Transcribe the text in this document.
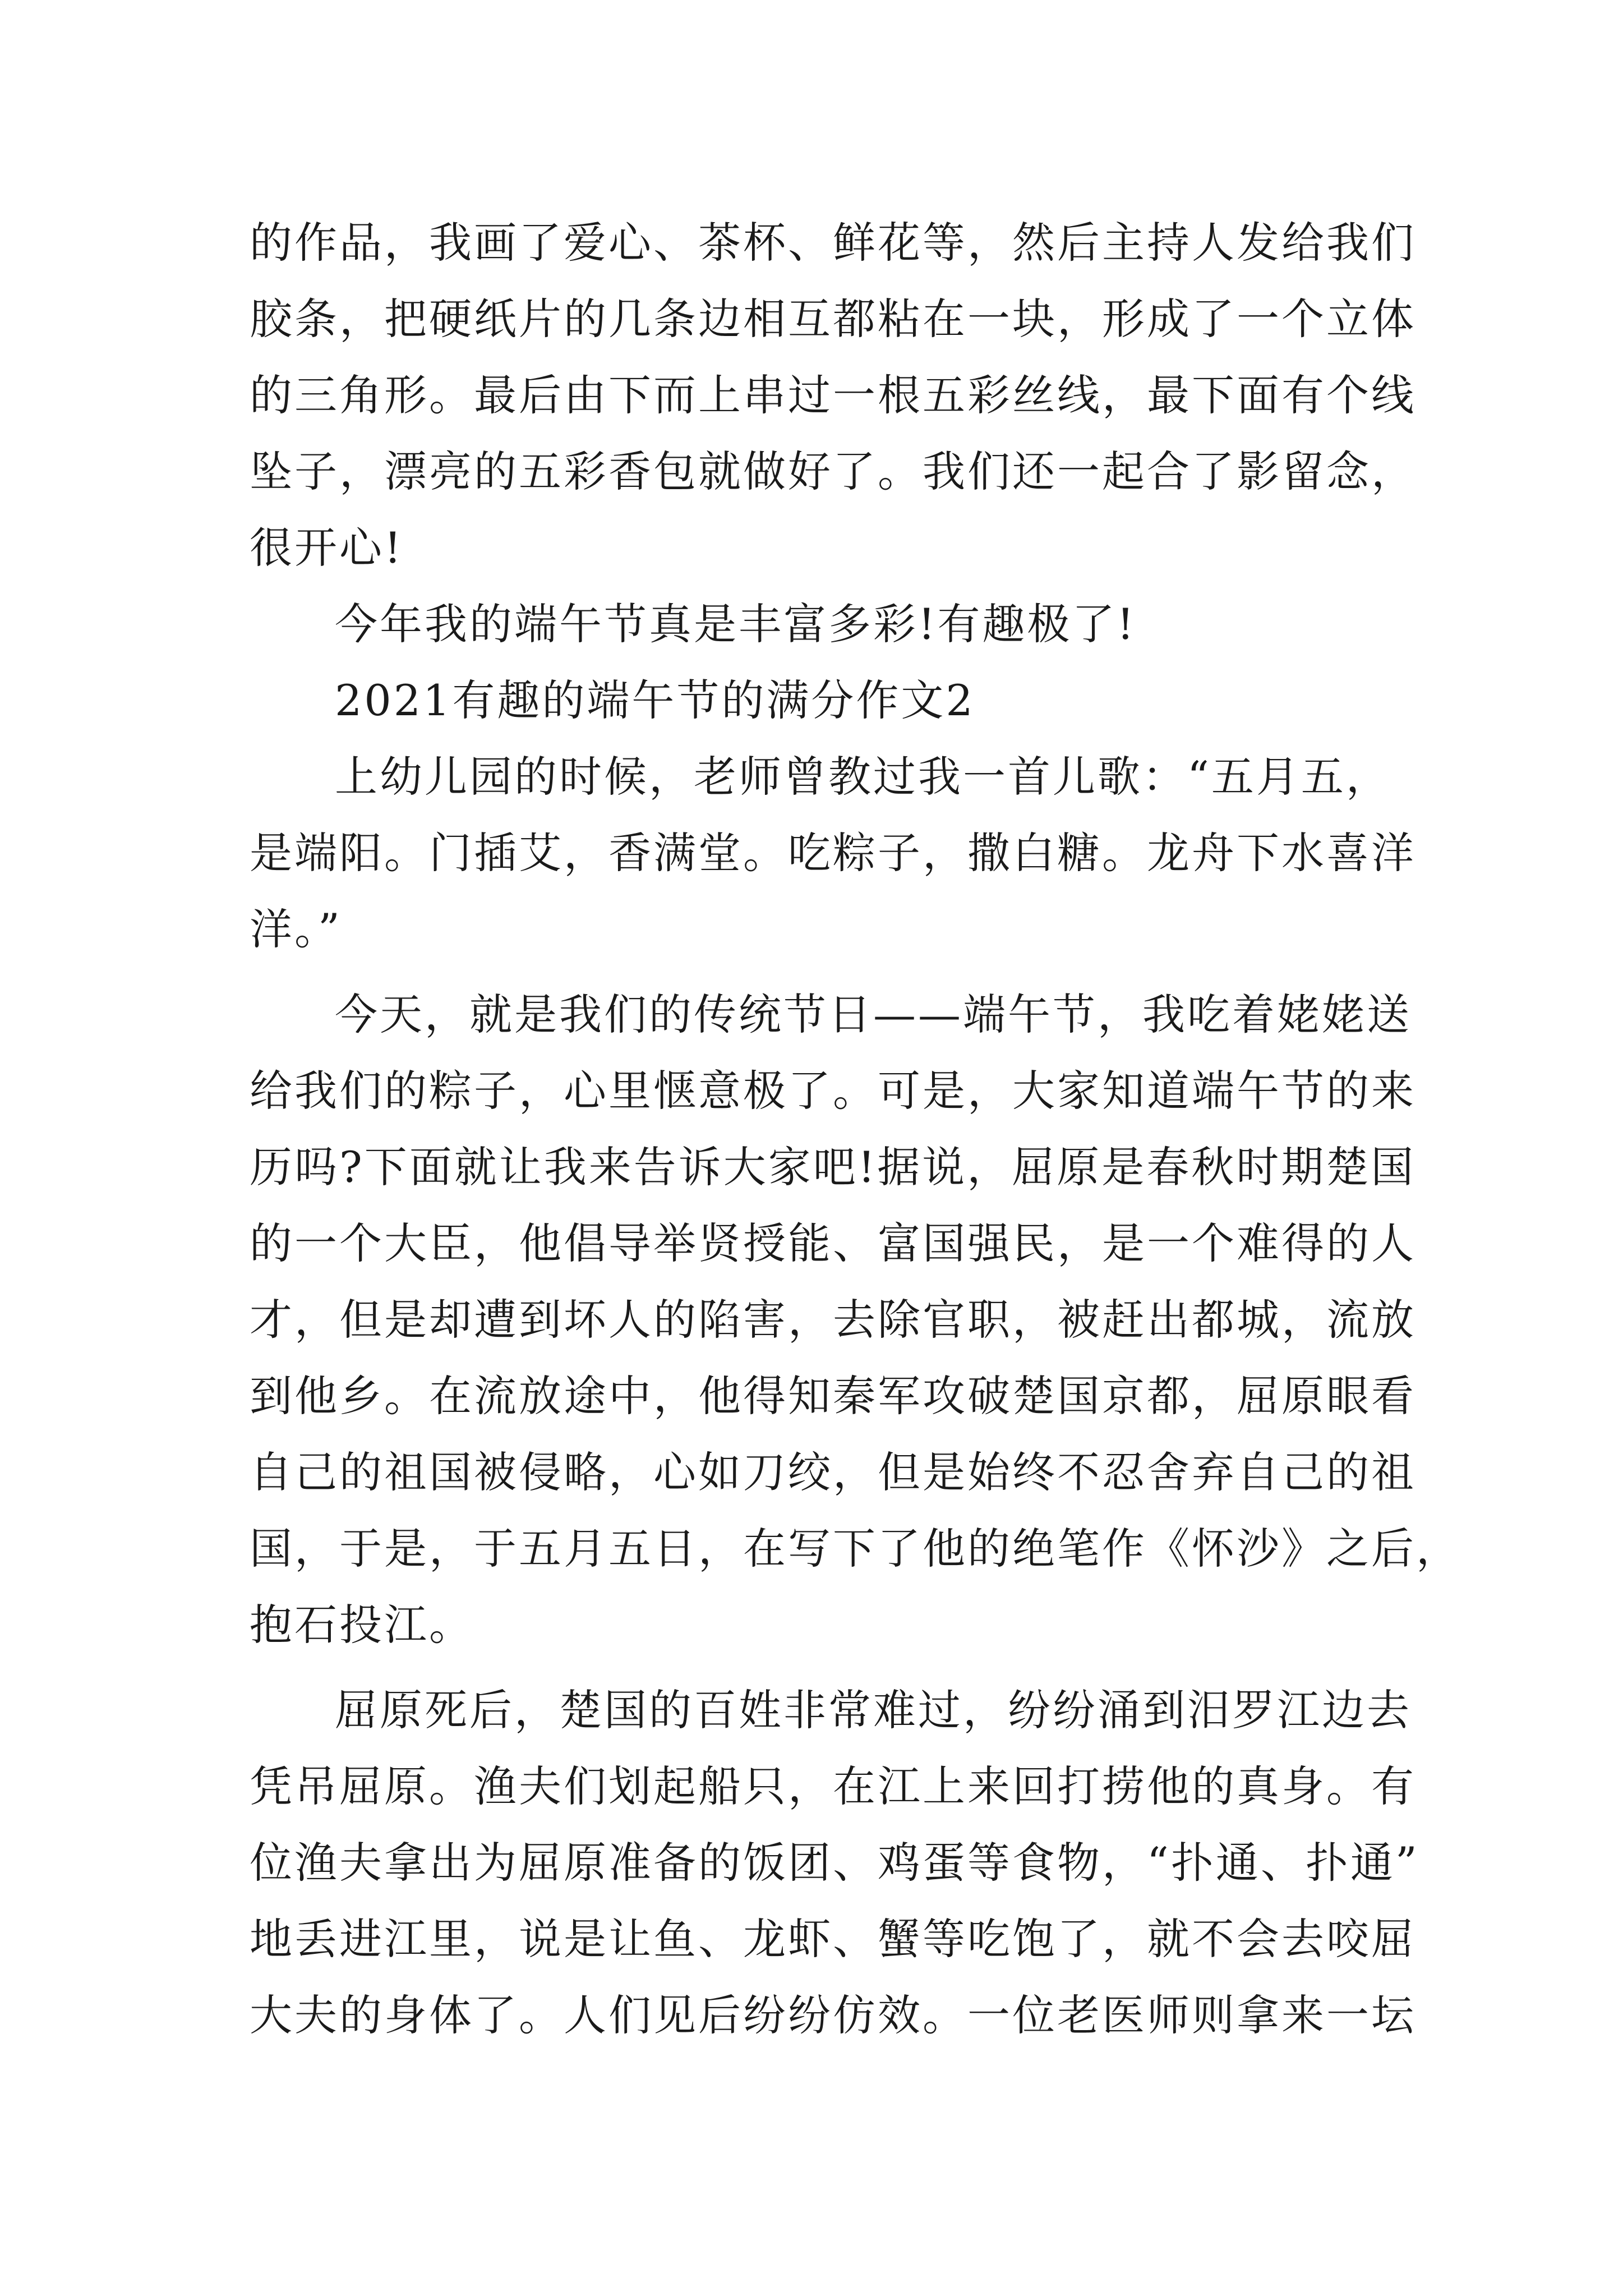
的作品，我画了爱心、茶杯、鲜花等，然后主持人发给我们
胶条，把硬纸片的几条边相互都粘在一块，形成了一个立体
的三角形。最后由下而上串过一根五彩丝线，最下面有个线
坠子，漂亮的五彩香包就做好了。我们还一起合了影留念，
很开心!
今年我的端午节真是丰富多彩!有趣极了!
2021有趣的端午节的满分作文2
上幼儿园的时候，老师曾教过我一首儿歌：“五月五，
是端阳。门插艾，香满堂。吃粽子，撒白糖。龙舟下水喜洋
洋。”
今天，就是我们的传统节日——端午节，我吃着姥姥送
给我们的粽子，心里惬意极了。可是，大家知道端午节的来
历吗?下面就让我来告诉大家吧!据说，屈原是春秋时期楚国
的一个大臣，他倡导举贤授能、富国强民，是一个难得的人
才，但是却遭到坏人的陷害，去除官职，被赶出都城，流放
到他乡。在流放途中，他得知秦军攻破楚国京都，屈原眼看
自己的祖国被侵略，心如刀绞，但是始终不忍舍弃自己的祖
国，于是，于五月五日，在写下了他的绝笔作《怀沙》之后，
抱石投江。
屈原死后，楚国的百姓非常难过，纷纷涌到汨罗江边去
凭吊屈原。渔夫们划起船只，在江上来回打捞他的真身。有
位渔夫拿出为屈原准备的饭团、鸡蛋等食物，“扑通、扑通”
地丢进江里，说是让鱼、龙虾、蟹等吃饱了，就不会去咬屈
大夫的身体了。人们见后纷纷仿效。一位老医师则拿来一坛
